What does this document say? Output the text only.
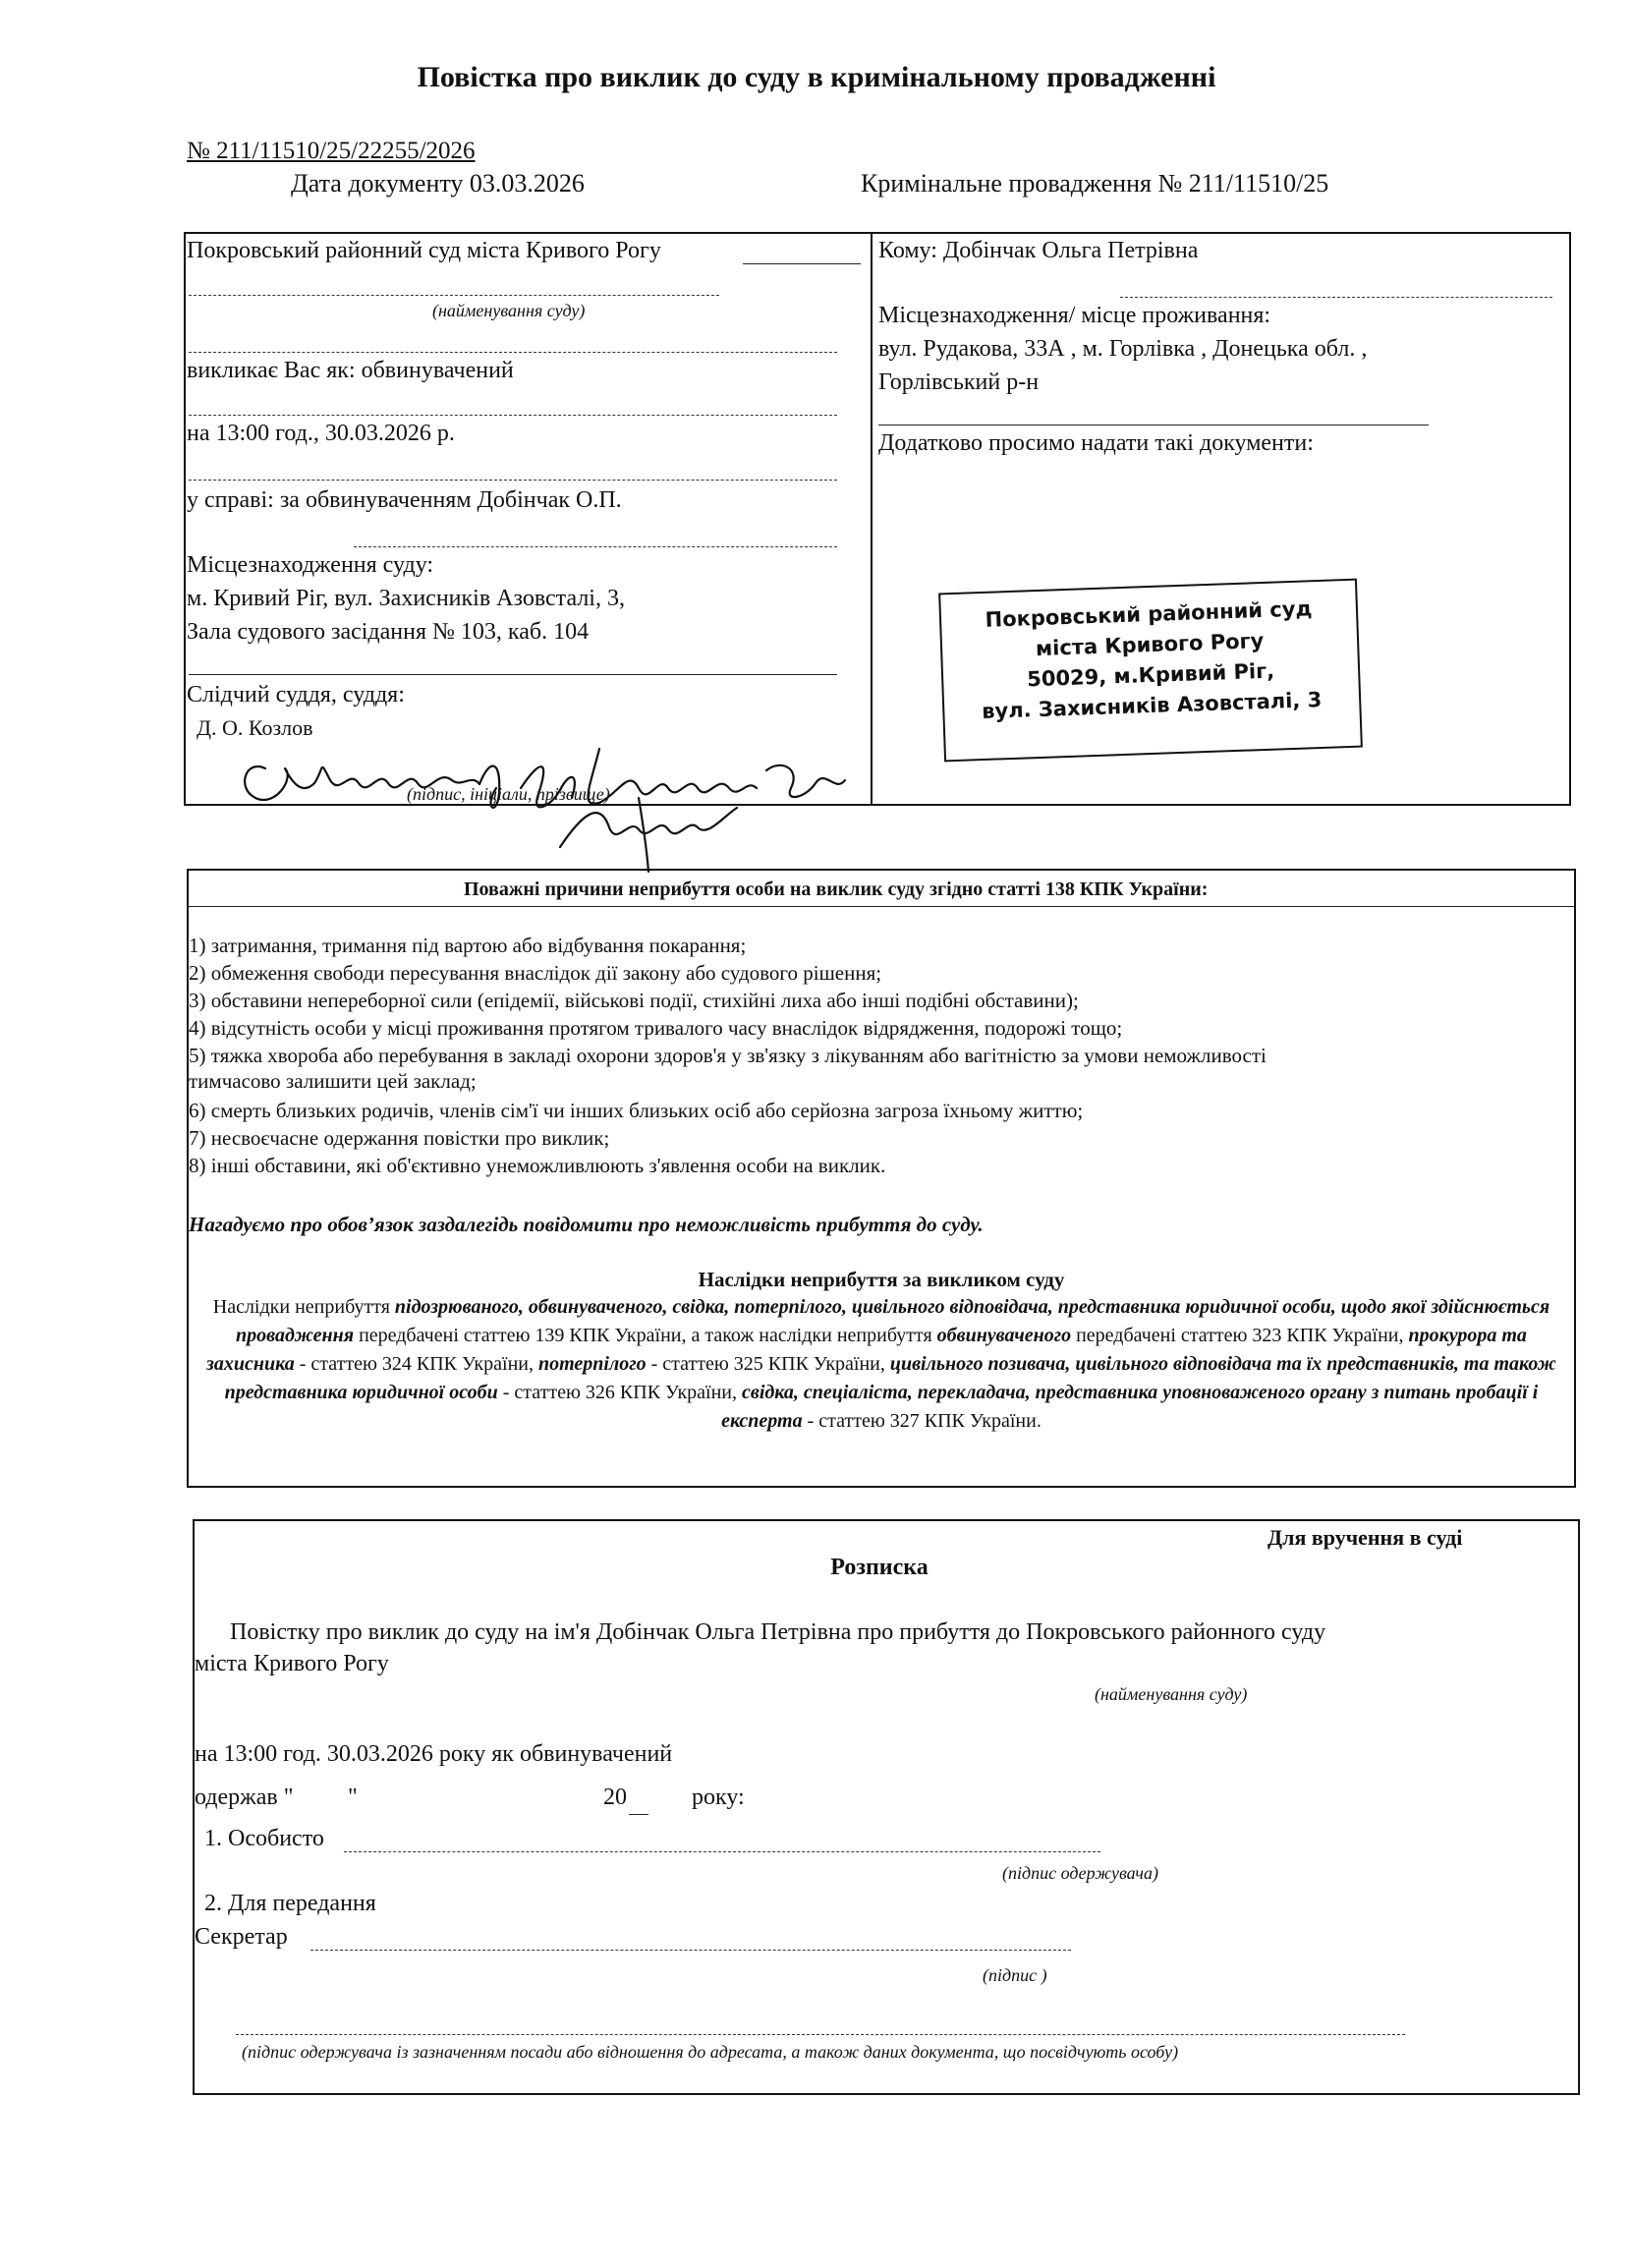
Повістка про виклик до суду в кримінальному провадженні
№ 211/11510/25/22255/2026
Дата документу 03.03.2026	Кримінальне провадження № 211/11510/25
Покровський районний суд міста Кривого Рогу
(найменування суду)
викликає Вас як: обвинувачений
на 13:00 год., 30.03.2026 р.
у справі: за обвинуваченням Добінчак О.П.
Місцезнаходження суду:
м. Кривий Ріг, вул. Захисників Азовсталі, 3,
Зала судового засідання № 103, каб. 104
Слідчий суддя, суддя:
Д. О. Козлов
(підпис, ініціали, прізвище)
Кому: Добінчак Ольга Петрівна
Місцезнаходження/ місце проживання:
вул. Рудакова, 33А , м. Горлівка , Донецька обл. ,
Горлівський р-н
Додатково просимо надати такі документи:
Покровський районний суд
міста Кривого Рогу
50029, м.Кривий Ріг,
вул. Захисників Азовсталі, 3
Поважні причини неприбуття особи на виклик суду згідно статті 138 КПК України:
1) затримання, тримання під вартою або відбування покарання;
2) обмеження свободи пересування внаслідок дії закону або судового рішення;
3) обставини непереборної сили (епідемії, військові події, стихійні лиха або інші подібні обставини);
4) відсутність особи у місці проживання протягом тривалого часу внаслідок відрядження, подорожі тощо;
5) тяжка хвороба або перебування в закладі охорони здоров'я у зв'язку з лікуванням або вагітністю за умови неможливості
тимчасово залишити цей заклад;
6) смерть близьких родичів, членів сім'ї чи інших близьких осіб або серйозна загроза їхньому життю;
7) несвоєчасне одержання повістки про виклик;
8) інші обставини, які об'єктивно унеможливлюють з'явлення особи на виклик.
Нагадуємо про обов’язок заздалегідь повідомити про неможливість прибуття до суду.
Наслідки неприбуття за викликом суду
Наслідки неприбуття підозрюваного, обвинуваченого, свідка, потерпілого, цивільного відповідача, представника юридичної особи, щодо якої здійснюється провадження передбачені статтею 139 КПК України, а також наслідки неприбуття обвинуваченого передбачені статтею 323 КПК України, прокурора та захисника - статтею 324 КПК України, потерпілого - статтею 325 КПК України, цивільного позивача, цивільного відповідача та їх представників, та також представника юридичної особи - статтею 326 КПК України, свідка, спеціаліста, перекладача, представника уповноваженого органу з питань пробації і експерта - статтею 327 КПК України.
Для вручення в суді
Розписка
Повістку про виклик до суду на ім'я Добінчак Ольга Петрівна про прибуття до Покровського районного суду
міста Кривого Рогу
(найменування суду)
на 13:00 год. 30.03.2026 року як обвинувачений
одержав " "	20	року:
1. Особисто
(підпис одержувача)
2. Для передання
Секретар
(підпис )
(підпис одержувача із зазначенням посади або відношення до адресата, а також даних документа, що посвідчують особу)
